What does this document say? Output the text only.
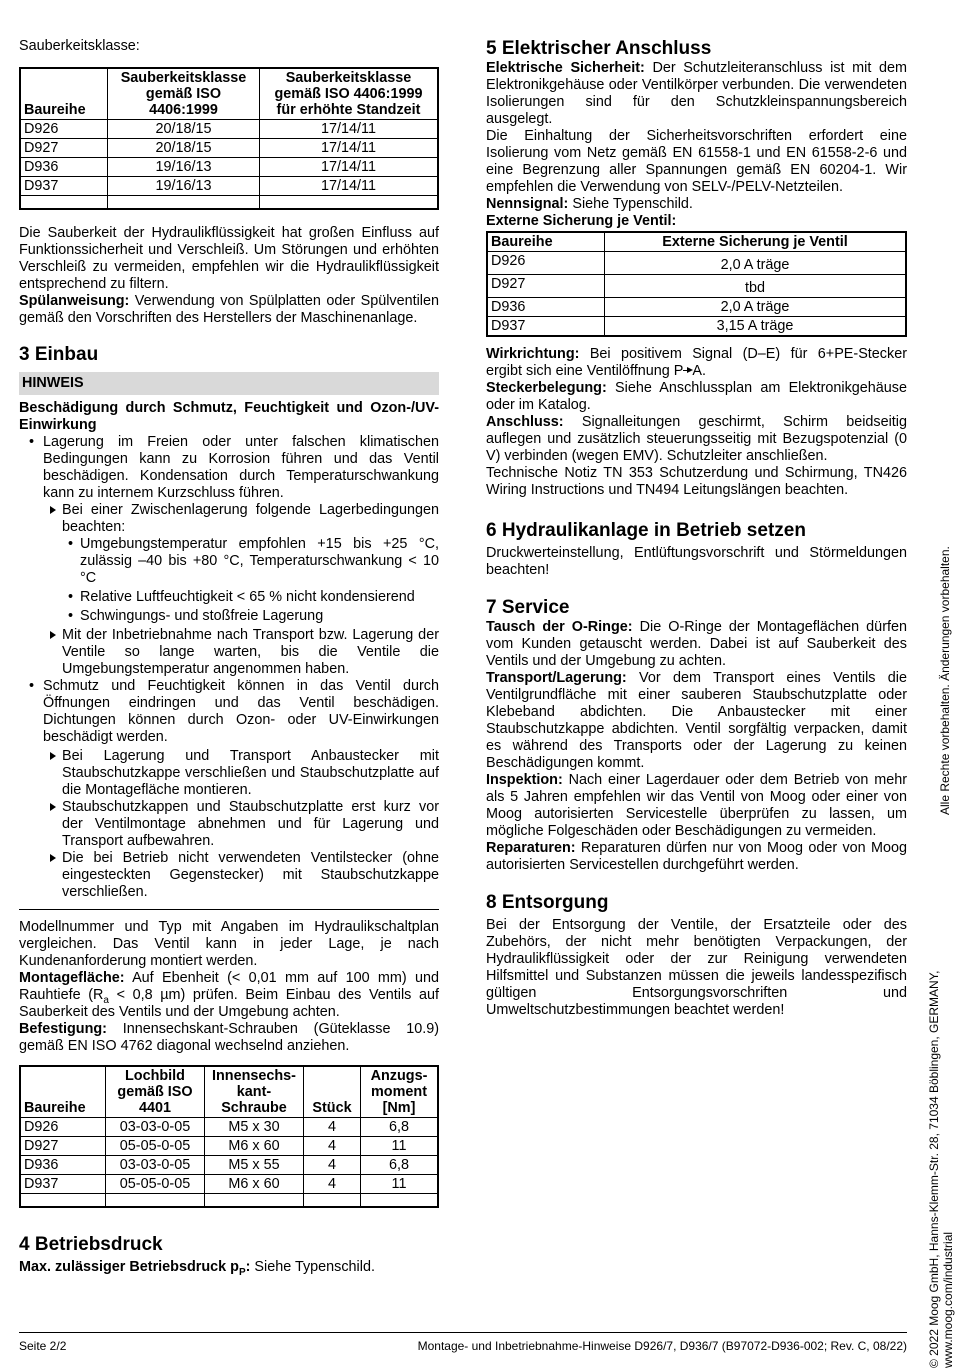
Sauberkeitsklasse:

Baureihe	Sauberkeitsklasse gemäß ISO 4406:1999	Sauberkeitsklasse gemäß ISO 4406:1999 für erhöhte Standzeit
D926	20/18/15	17/14/11
D927	20/18/15	17/14/11
D936	19/16/13	17/14/11
D937	19/16/13	17/14/11

Die Sauberkeit der Hydraulikflüssigkeit hat großen Einfluss auf Funktionssicherheit und Verschleiß. Um Störungen und erhöhten Verschleiß zu vermeiden, empfehlen wir die Hydraulikflüssigkeit entsprechend zu filtern.

Spülanweisung: Verwendung von Spülplatten oder Spülventilen gemäß den Vorschriften des Herstellers der Maschinenanlage.

3 Einbau
HINWEIS

Beschädigung durch Schmutz, Feuchtigkeit und Ozon-/UV-Einwirkung

• Lagerung im Freien oder unter falschen klimatischen Bedingungen kann zu Korrosion führen und das Ventil beschädigen. Kondensation durch Temperaturschwankung kann zu internem Kurzschluss führen.
Bei einer Zwischenlagerung folgende Lagerbedingungen beachten:
• Umgebungstemperatur empfohlen +15 bis +25 °C, zulässig –40 bis +80 °C, Temperaturschwankung < 10 °C
• Relative Luftfeuchtigkeit < 65 % nicht kondensierend
• Schwingungs- und stoßfreie Lagerung
Mit der Inbetriebnahme nach Transport bzw. Lagerung der Ventile so lange warten, bis die Ventile die Umgebungstemperatur angenommen haben.
• Schmutz und Feuchtigkeit können in das Ventil durch Öffnungen eindringen und das Ventil beschädigen. Dichtungen können durch Ozon- oder UV-Einwirkungen beschädigt werden.
Bei Lagerung und Transport Anbaustecker mit Staubschutzkappe verschließen und Staubschutzplatte auf die Montagefläche montieren.
Staubschutzkappen und Staubschutzplatte erst kurz vor der Ventilmontage abnehmen und für Lagerung und Transport aufbewahren.
Die bei Betrieb nicht verwendeten Ventilstecker (ohne eingesteckten Gegenstecker) mit Staubschutzkappe verschließen.

Modellnummer und Typ mit Angaben im Hydraulikschaltplan vergleichen. Das Ventil kann in jeder Lage, je nach Kundenanforderung montiert werden.

Montagefläche: Auf Ebenheit (< 0,01 mm auf 100 mm) und Rauhtiefe ($R_a < 0,8$ µm) prüfen. Beim Einbau des Ventils auf Sauberkeit des Ventils und der Umgebung achten.

Befestigung: Innensechskant-Schrauben (Güteklasse 10.9) gemäß EN ISO 4762 diagonal wechselnd anziehen.

Baureihe	Lochbild gemäß ISO 4401	Innensechs-kant-Schraube	Stück	Anzugs-moment [Nm]
D926	03-03-0-05	M5 x 30	4	6,8
D927	05-05-0-05	M6 x 60	4	11
D936	03-03-0-05	M5 x 55	4	6,8
D937	05-05-0-05	M6 x 60	4	11

4 Betriebsdruck

Max. zulässiger Betriebsdruck $p_P$: Siehe Typenschild.

5 Elektrischer Anschluss

Elektrische Sicherheit: Der Schutzleiteranschluss ist mit dem Elektronikgehäuse oder Ventilkörper verbunden. Die verwendeten Isolierungen sind für den Schutzkleinspannungsbereich ausgelegt.

Die Einhaltung der Sicherheitsvorschriften erfordert eine Isolierung vom Netz gemäß EN 61558-1 und EN 61558-2-6 und eine Begrenzung aller Spannungen gemäß EN 60204-1. Wir empfehlen die Verwendung von SELV-/PELV-Netzteilen.

Nennsignal: Siehe Typenschild.

Externe Sicherung je Ventil:

Baureihe	Externe Sicherung je Ventil
D926	2,0 A träge
D927	tbd
D936	2,0 A träge
D937	3,15 A träge

Wirkrichtung: Bei positivem Signal (D–E) für 6+PE-Stecker ergibt sich eine Ventilöffnung P A.

Steckerbelegung: Siehe Anschlussplan am Elektronikgehäuse oder im Katalog.

Anschluss: Signalleitungen geschirmt, Schirm beidseitig auflegen und zusätzlich steuerungsseitig mit Bezugspotenzial (0 V) verbinden (wegen EMV). Schutzleiter anschließen.

Technische Notiz TN 353 Schutzerdung und Schirmung, TN426 Wiring Instructions und TN494 Leitungslängen beachten.

6 Hydraulikanlage in Betrieb setzen

Druckwerteinstellung, Entlüftungsvorschrift und Störmeldungen beachten!

7 Service

Tausch der O-Ringe: Die O-Ringe der Montageflächen dürfen vom Kunden getauscht werden. Dabei ist auf Sauberkeit des Ventils und der Umgebung zu achten.

Transport/Lagerung: Vor dem Transport eines Ventils die Ventilgrundfläche mit einer sauberen Staubschutzplatte oder Klebeband abdichten. Die Anbaustecker mit einer Staubschutzkappe abdichten. Ventil sorgfältig verpacken, damit es während des Transports oder der Lagerung zu keinen Beschädigungen kommt.

Inspektion: Nach einer Lagerdauer oder dem Betrieb von mehr als 5 Jahren empfehlen wir das Ventil von Moog oder einer von Moog autorisierten Servicestelle überprüfen zu lassen, um mögliche Folgeschäden oder Beschädigungen zu vermeiden.

Reparaturen: Reparaturen dürfen nur von Moog oder von Moog autorisierten Servicestellen durchgeführt werden.

8 Entsorgung

Bei der Entsorgung der Ventile, der Ersatzteile oder des Zubehörs, der nicht mehr benötigten Verpackungen, der Hydraulikflüssigkeit oder der zur Reinigung verwendeten Hilfsmittel und Substanzen müssen die jeweils landesspezifisch gültigen Entsorgungsvorschriften und Umweltschutzbestimmungen beachtet werden!

Seite 2/2	Montage- und Inbetriebnahme-Hinweise D926/7, D936/7 (B97072-D936-002; Rev. C, 08/22)
Alle Rechte vorbehalten. Änderungen vorbehalten.
© 2022 Moog GmbH, Hanns-Klemm-Str. 28, 71034 Böblingen, GERMANY, www.moog.com/industrial
